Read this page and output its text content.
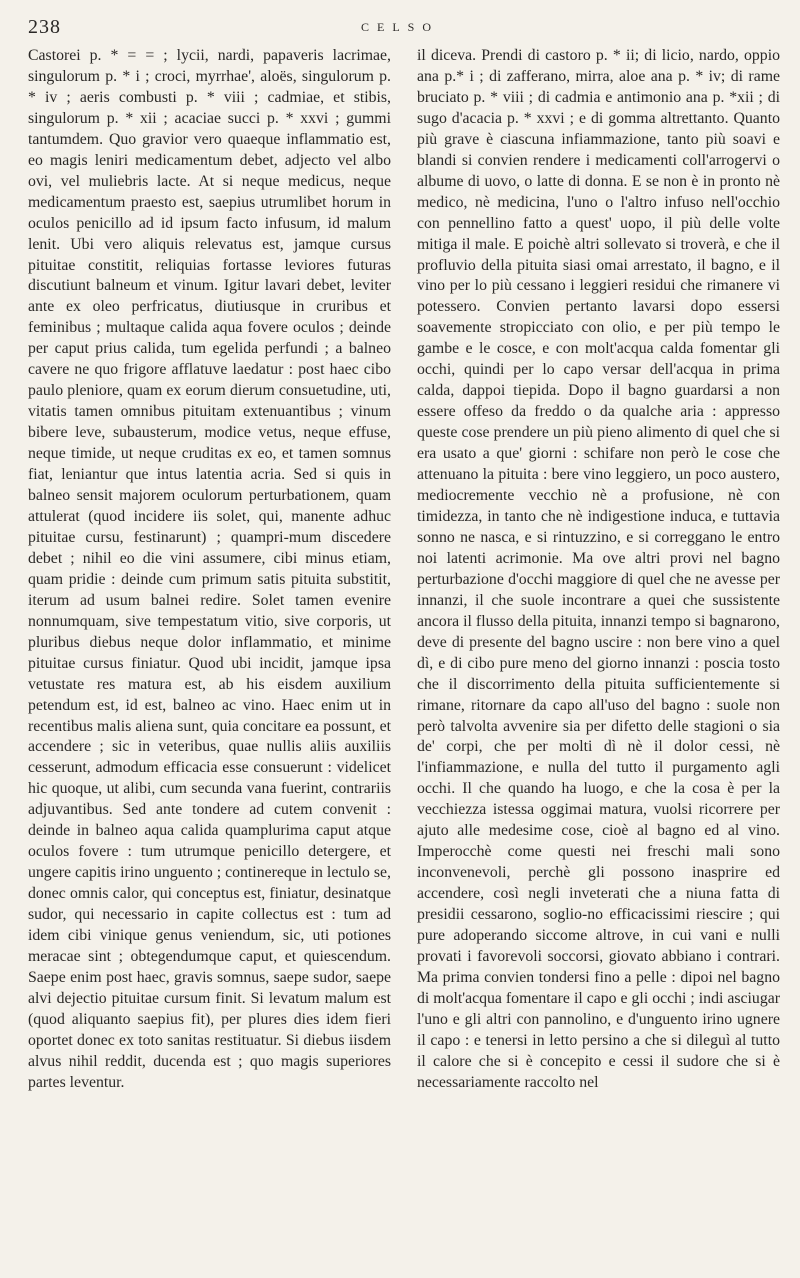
238	CELSO

Castorei p. * = = ; lycii, nardi, papaveris lacrimae, singulorum p. * i ; croci, myrrhae', aloës, singulorum p. * iv ; aeris combusti p. * viii ; cadmiae, et stibis, singulorum p. * xii ; acaciae succi p. * xxvi ; gummi tantumdem. Quo gravior vero quaeque inflammatio est, eo magis leniri medicamentum debet, adjecto vel albo ovi, vel muliebris lacte. At si neque medicus, neque medicamentum praesto est, saepius utrumlibet horum in oculos penicillo ad id ipsum facto infusum, id malum lenit. Ubi vero aliquis relevatus est, jamque cursus pituitae constitit, reliquias fortasse leviores futuras discutiunt balneum et vinum. Igitur lavari debet, leviter ante ex oleo perfricatus, diutiusque in cruribus et feminibus ; multaque calida aqua fovere oculos ; deinde per caput prius calida, tum egelida perfundi ; a balneo cavere ne quo frigore afflatuve laedatur : post haec cibo paulo pleniore, quam ex eorum dierum consuetudine, uti, vitatis tamen omnibus pituitam extenuantibus ; vinum bibere leve, subausterum, modice vetus, neque effuse, neque timide, ut neque cruditas ex eo, et tamen somnus fiat, leniantur que intus latentia acria. Sed si quis in balneo sensit majorem oculorum perturbationem, quam attulerat (quod incidere iis solet, qui, manente adhuc pituitae cursu, festinarunt) ; quampri-mum discedere debet ; nihil eo die vini assumere, cibi minus etiam, quam pridie : deinde cum primum satis pituita substitit, iterum ad usum balnei redire. Solet tamen evenire nonnumquam, sive tempestatum vitio, sive corporis, ut pluribus diebus neque dolor inflammatio, et minime pituitae cursus finiatur. Quod ubi incidit, jamque ipsa vetustate res matura est, ab his eisdem auxilium petendum est, id est, balneo ac vino. Haec enim ut in recentibus malis aliena sunt, quia concitare ea possunt, et accendere ; sic in veteribus, quae nullis aliis auxiliis cesserunt, admodum efficacia esse consuerunt : videlicet hic quoque, ut alibi, cum secunda vana fuerint, contrariis adjuvantibus. Sed ante tondere ad cutem convenit : deinde in balneo aqua calida quamplurima caput atque oculos fovere : tum utrumque penicillo detergere, et ungere capitis irino unguento ; continereque in lectulo se, donec omnis calor, qui conceptus est, finiatur, desinatque sudor, qui necessario in capite collectus est : tum ad idem cibi vinique genus veniendum, sic, uti potiones meracae sint ; obtegendumque caput, et quiescendum. Saepe enim post haec, gravis somnus, saepe sudor, saepe alvi dejectio pituitae cursum finit. Si levatum malum est (quod aliquanto saepius fit), per plures dies idem fieri oportet donec ex toto sanitas restituatur. Si diebus iisdem alvus nihil reddit, ducenda est ; quo magis superiores partes leventur.

il diceva. Prendi di castoro p. * ii; di licio, nardo, oppio ana p.* i ; di zafferano, mirra, aloe ana p. * iv; di rame bruciato p. * viii ; di cadmia e antimonio ana p. *xii ; di sugo d'acacia p. * xxvi ; e di gomma altrettanto. Quanto più grave è ciascuna infiammazione, tanto più soavi e blandi si convien rendere i medicamenti coll'arrogervi o albume di uovo, o latte di donna. E se non è in pronto nè medico, nè medicina, l'uno o l'altro infuso nell'occhio con pennellino fatto a quest' uopo, il più delle volte mitiga il male. E poichè altri sollevato si troverà, e che il profluvio della pituita siasi omai arrestato, il bagno, e il vino per lo più cessano i leggieri residui che rimanere vi potessero. Convien pertanto lavarsi dopo essersi soavemente stropicciato con olio, e per più tempo le gambe e le cosce, e con molt'acqua calda fomentar gli occhi, quindi per lo capo versar dell'acqua in prima calda, dappoi tiepida. Dopo il bagno guardarsi a non essere offeso da freddo o da qualche aria : appresso queste cose prendere un più pieno alimento di quel che si era usato a que' giorni : schifare non però le cose che attenuano la pituita : bere vino leggiero, un poco austero, mediocremente vecchio nè a profusione, nè con timidezza, in tanto che nè indigestione induca, e tuttavia sonno ne nasca, e si rintuzzino, e si correggano le entro noi latenti acrimonie. Ma ove altri provi nel bagno perturbazione d'occhi maggiore di quel che ne avesse per innanzi, il che suole incontrare a quei che sussistente ancora il flusso della pituita, innanzi tempo si bagnarono, deve di presente del bagno uscire : non bere vino a quel dì, e di cibo pure meno del giorno innanzi : poscia tosto che il discorrimento della pituita sufficientemente si rimane, ritornare da capo all'uso del bagno : suole non però talvolta avvenire sia per difetto delle stagioni o sia de' corpi, che per molti dì nè il dolor cessi, nè l'infiammazione, e nulla del tutto il purgamento agli occhi. Il che quando ha luogo, e che la cosa è per la vecchiezza istessa oggimai matura, vuolsi ricorrere per ajuto alle medesime cose, cioè al bagno ed al vino. Imperocchè come questi nei freschi mali sono inconvenevoli, perchè gli possono inasprire ed accendere, così negli inveterati che a niuna fatta di presidii cessarono, soglio-no efficacissimi riescire ; qui pure adoperando siccome altrove, in cui vani e nulli provati i favorevoli soccorsi, giovato abbiano i contrari. Ma prima convien tondersi fino a pelle : dipoi nel bagno di molt'acqua fomentare il capo e gli occhi ; indi asciugar l'uno e gli altri con pannolino, e d'unguento irino ugnere il capo : e tenersi in letto persino a che si dileguì al tutto il calore che si è concepito e cessi il sudore che si è necessariamente raccolto nel
